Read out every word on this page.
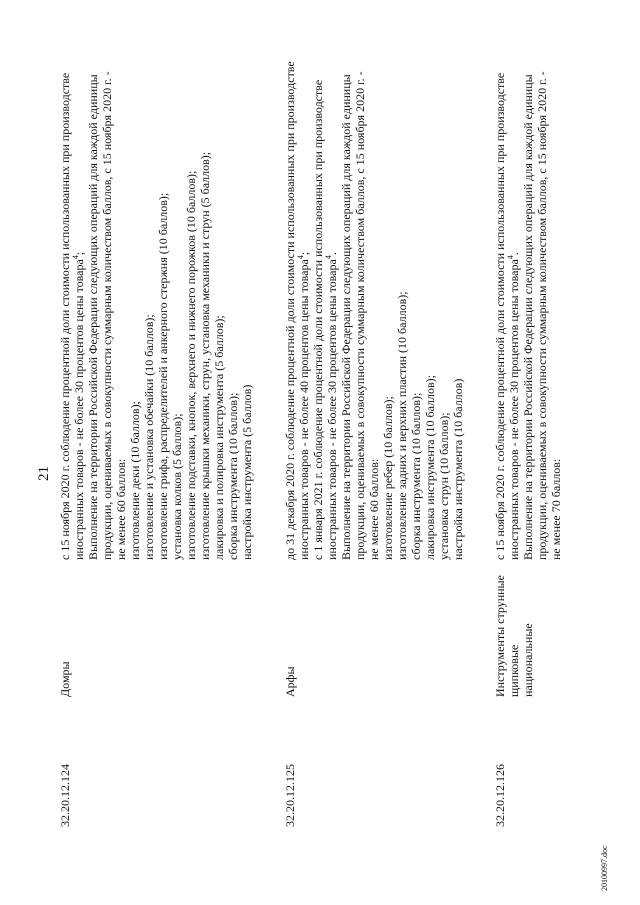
21
32.20.12.124
Домры
с 15 ноября 2020 г. соблюдение процентной доли стоимости использованных при производстве иностранных товаров - не более 30 процентов цены товара$^4$; Выполнение на территории Российской Федерации следующих операций для каждой единицы продукции, оцениваемых в совокупности суммарным количеством баллов, с 15 ноября 2020 г. - не менее 60 баллов: изготовление деки (10 баллов); изготовление и установка обечайки (10 баллов); изготовление грифа, распределителей и анкерного стержня (10 баллов); установка колков (5 баллов); изготовление подставки, кнопок, верхнего и нижнего порожков (10 баллов); изготовление крышки механики, струн, установка механики и струн (5 баллов); лакировка и полировка инструмента (5 баллов); сборка инструмента (10 баллов); настройка инструмента (5 баллов)
32.20.12.125
Арфы
до 31 декабря 2020 г. соблюдение процентной доли стоимости использованных при производстве иностранных товаров - не более 40 процентов цены товара$^4$; с 1 января 2021 г. соблюдение процентной доли стоимости использованных при производстве иностранных товаров - не более 30 процентов цены товара$^4$. Выполнение на территории Российской Федерации следующих операций для каждой единицы продукции, оцениваемых в совокупности суммарным количеством баллов, с 15 ноября 2020 г. - не менее 60 баллов: изготовление ребер (10 баллов); изготовление задних и верхних пластин (10 баллов); сборка инструмента (10 баллов); лакировка инструмента (10 баллов); установка струн (10 баллов); настройка инструмента (10 баллов)
32.20.12.126
Инструменты струнные щипковые национальные
с 15 ноября 2020 г. соблюдение процентной доли стоимости использованных при производстве иностранных товаров - не более 30 процентов цены товара$^4$. Выполнение на территории Российской Федерации следующих операций для каждой единицы продукции, оцениваемых в совокупности суммарным количеством баллов, с 15 ноября 2020 г. - не менее 70 баллов:
20100997.doc
